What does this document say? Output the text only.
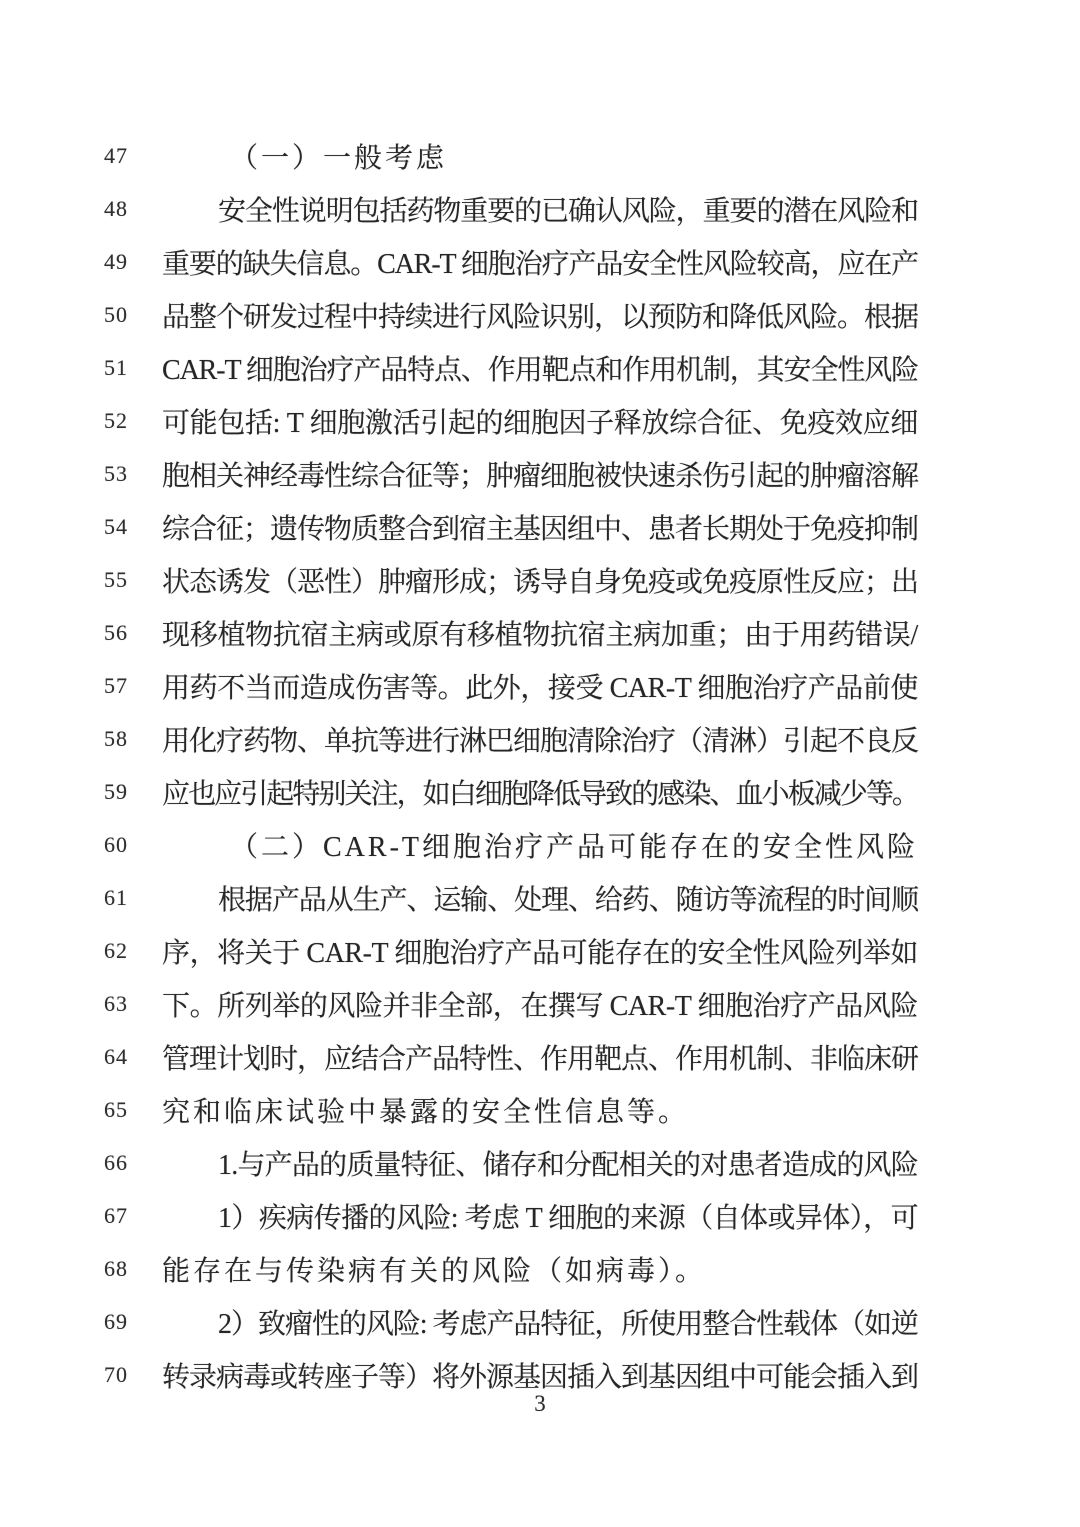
47	（一）一般考虑
48	安全性说明包括药物重要的已确认风险，重要的潜在风险和
49 重要的缺失信息。CAR-T 细胞治疗产品安全性风险较高，应在产
50 品整个研发过程中持续进行风险识别，以预防和降低风险。根据
51 CAR-T 细胞治疗产品特点、作用靶点和作用机制，其安全性风险
52 可能包括: T 细胞激活引起的细胞因子释放综合征、免疫效应细
53 胞相关神经毒性综合征等；肿瘤细胞被快速杀伤引起的肿瘤溶解
54 综合征；遗传物质整合到宿主基因组中、患者长期处于免疫抑制
55 状态诱发（恶性）肿瘤形成；诱导自身免疫或免疫原性反应；出
56 现移植物抗宿主病或原有移植物抗宿主病加重；由于用药错误/
57 用药不当而造成伤害等。此外，接受 CAR-T 细胞治疗产品前使
58 用化疗药物、单抗等进行淋巴细胞清除治疗（清淋）引起不良反
59 应也应引起特别关注，如白细胞降低导致的感染、血小板减少等。
60	（二）CAR-T细胞治疗产品可能存在的安全性风险
61	根据产品从生产、运输、处理、给药、随访等流程的时间顺
62 序，将关于 CAR-T 细胞治疗产品可能存在的安全性风险列举如
63 下。所列举的风险并非全部，在撰写 CAR-T 细胞治疗产品风险
64 管理计划时，应结合产品特性、作用靶点、作用机制、非临床研
65 究和临床试验中暴露的安全性信息等。
66	1.与产品的质量特征、储存和分配相关的对患者造成的风险
67	1）疾病传播的风险: 考虑 T 细胞的来源（自体或异体），可
68 能存在与传染病有关的风险（如病毒）。
69	2）致瘤性的风险: 考虑产品特征，所使用整合性载体（如逆
70 转录病毒或转座子等）将外源基因插入到基因组中可能会插入到
3
